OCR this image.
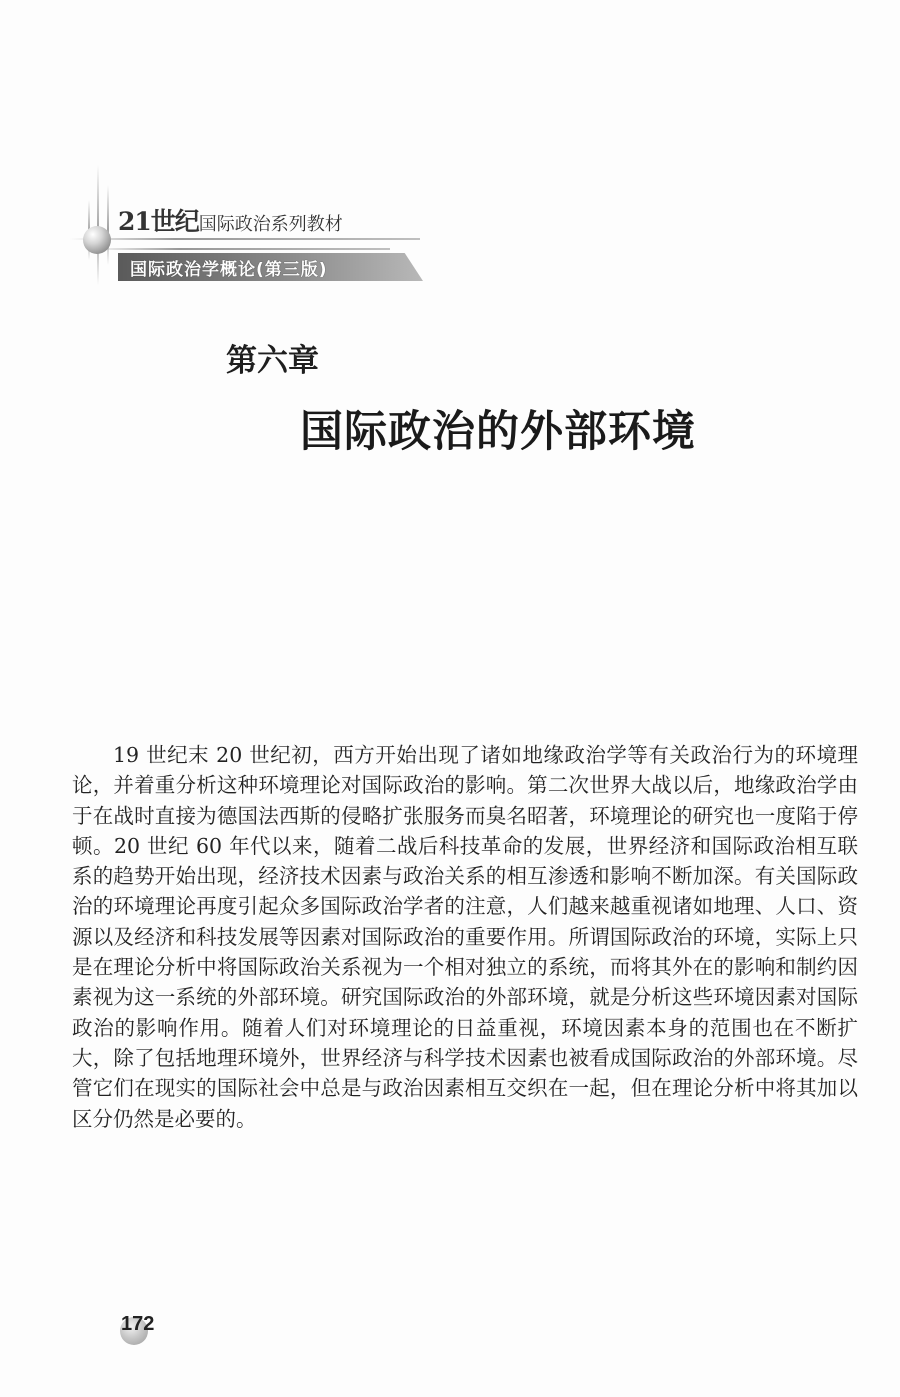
21世纪国际政治系列教材
国际政治学概论(第三版)
第六章
国际政治的外部环境

19 世纪末 20 世纪初，西方开始出现了诸如地缘政治学等有关政治行为的环境理论，并着重分析这种环境理论对国际政治的影响。第二次世界大战以后，地缘政治学由于在战时直接为德国法西斯的侵略扩张服务而臭名昭著，环境理论的研究也一度陷于停顿。20 世纪 60 年代以来，随着二战后科技革命的发展，世界经济和国际政治相互联系的趋势开始出现，经济技术因素与政治关系的相互渗透和影响不断加深。有关国际政治的环境理论再度引起众多国际政治学者的注意，人们越来越重视诸如地理、人口、资源以及经济和科技发展等因素对国际政治的重要作用。所谓国际政治的环境，实际上只是在理论分析中将国际政治关系视为一个相对独立的系统，而将其外在的影响和制约因素视为这一系统的外部环境。研究国际政治的外部环境，就是分析这些环境因素对国际政治的影响作用。随着人们对环境理论的日益重视，环境因素本身的范围也在不断扩大，除了包括地理环境外，世界经济与科学技术因素也被看成国际政治的外部环境。尽管它们在现实的国际社会中总是与政治因素相互交织在一起，但在理论分析中将其加以区分仍然是必要的。

172
